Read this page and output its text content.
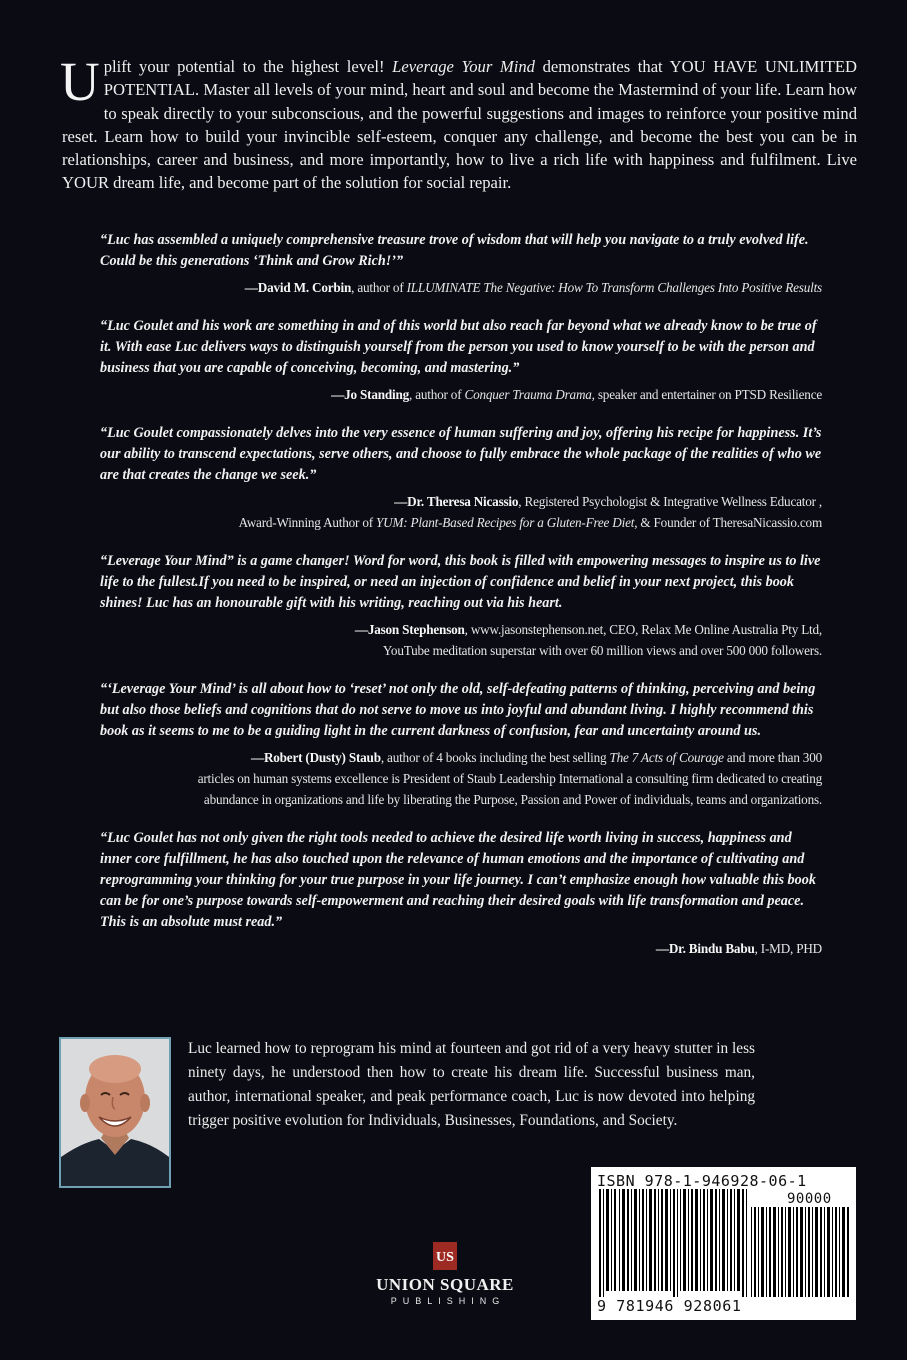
Uplift your potential to the highest level! Leverage Your Mind demonstrates that YOU HAVE UNLIMITED POTENTIAL. Master all levels of your mind, heart and soul and become the Mastermind of your life. Learn how to speak directly to your subconscious, and the powerful suggestions and images to reinforce your positive mind reset. Learn how to build your invincible self-esteem, conquer any challenge, and become the best you can be in relationships, career and business, and more importantly, how to live a rich life with happiness and fulfilment. Live YOUR dream life, and become part of the solution for social repair.

“Luc has assembled a uniquely comprehensive treasure trove of wisdom that will help you navigate to a truly evolved life. Could be this generations ‘Think and Grow Rich!’”

—David M. Corbin, author of ILLUMINATE The Negative: How To Transform Challenges Into Positive Results

“Luc Goulet and his work are something in and of this world but also reach far beyond what we already know to be true of it. With ease Luc delivers ways to distinguish yourself from the person you used to know yourself to be with the person and business that you are capable of conceiving, becoming, and mastering.”

—Jo Standing, author of Conquer Trauma Drama, speaker and entertainer on PTSD Resilience

“Luc Goulet compassionately delves into the very essence of human suffering and joy, offering his recipe for happiness. It’s our ability to transcend expectations, serve others, and choose to fully embrace the whole package of the realities of who we are that creates the change we seek.”

—Dr. Theresa Nicassio, Registered Psychologist & Integrative Wellness Educator ,
Award-Winning Author of YUM: Plant-Based Recipes for a Gluten-Free Diet, & Founder of TheresaNicassio.com

“Leverage Your Mind” is a game changer! Word for word, this book is filled with empowering messages to inspire us to live life to the fullest.If you need to be inspired, or need an injection of confidence and belief in your next project, this book shines! Luc has an honourable gift with his writing, reaching out via his heart.

—Jason Stephenson, www.jasonstephenson.net, CEO, Relax Me Online Australia Pty Ltd,
YouTube meditation superstar with over 60 million views and over 500 000 followers.

“‘Leverage Your Mind’ is all about how to ‘reset’ not only the old, self-defeating patterns of thinking, perceiving and being but also those beliefs and cognitions that do not serve to move us into joyful and abundant living. I highly recommend this book as it seems to me to be a guiding light in the current darkness of confusion, fear and uncertainty around us.

—Robert (Dusty) Staub, author of 4 books including the best selling The 7 Acts of Courage and more than 300
articles on human systems excellence is President of Staub Leadership International a consulting firm dedicated to creating
abundance in organizations and life by liberating the Purpose, Passion and Power of individuals, teams and organizations.

“Luc Goulet has not only given the right tools needed to achieve the desired life worth living in success, happiness and inner core fulfillment, he has also touched upon the relevance of human emotions and the importance of cultivating and reprogramming your thinking for your true purpose in your life journey. I can’t emphasize enough how valuable this book can be for one’s purpose towards self-empowerment and reaching their desired goals with life transformation and peace. This is an absolute must read.”

—Dr. Bindu Babu, I-MD, PHD
Luc learned how to reprogram his mind at fourteen and got rid of a very heavy stutter in less ninety days, he understood then how to create his dream life. Successful business man, author, international speaker, and peak performance coach, Luc is now devoted into helping trigger positive evolution for Individuals, Businesses, Foundations, and Society.
ISBN 978-1-946928-06-1
90000
9 781946 928061
US
UNION SQUARE
PUBLISHING
